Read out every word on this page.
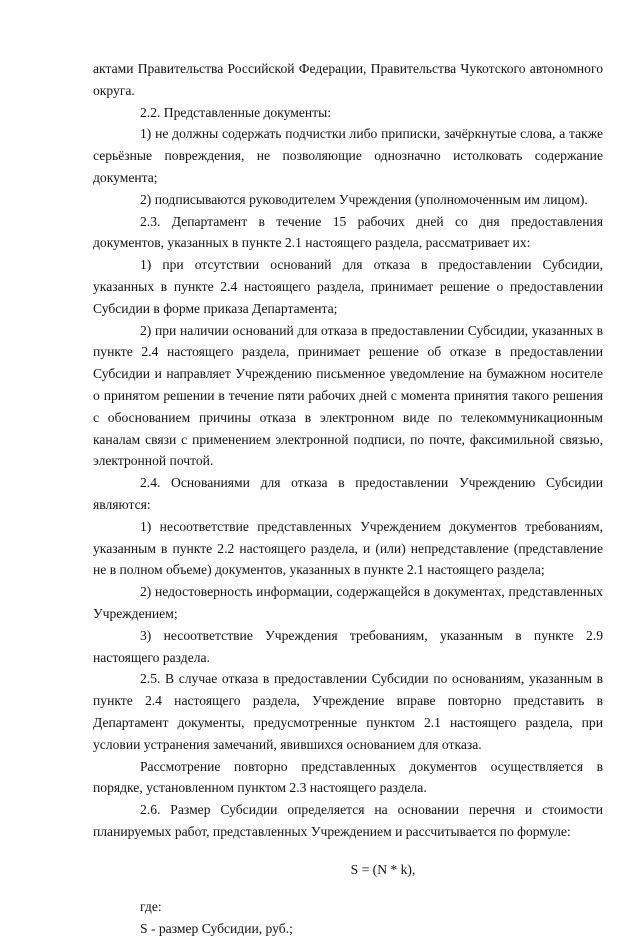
актами Правительства Российской Федерации, Правительства Чукотского автономного округа.

2.2. Представленные документы:

1) не должны содержать подчистки либо приписки, зачёркнутые слова, а также серьёзные повреждения, не позволяющие однозначно истолковать содержание документа;

2) подписываются руководителем Учреждения (уполномоченным им лицом).

2.3. Департамент в течение 15 рабочих дней со дня предоставления документов, указанных в пункте 2.1 настоящего раздела, рассматривает их:

1) при отсутствии оснований для отказа в предоставлении Субсидии, указанных в пункте 2.4 настоящего раздела, принимает решение о предоставлении Субсидии в форме приказа Департамента;

2) при наличии оснований для отказа в предоставлении Субсидии, указанных в пункте 2.4 настоящего раздела, принимает решение об отказе в предоставлении Субсидии и направляет Учреждению письменное уведомление на бумажном носителе о принятом решении в течение пяти рабочих дней с момента принятия такого решения с обоснованием причины отказа в электронном виде по телекоммуникационным каналам связи с применением электронной подписи, по почте, факсимильной связью, электронной почтой.

2.4. Основаниями для отказа в предоставлении Учреждению Субсидии являются:

1) несоответствие представленных Учреждением документов требованиям, указанным в пункте 2.2 настоящего раздела, и (или) непредставление (представление не в полном объеме) документов, указанных в пункте 2.1 настоящего раздела;

2) недостоверность информации, содержащейся в документах, представленных Учреждением;

3) несоответствие Учреждения требованиям, указанным в пункте 2.9 настоящего раздела.

2.5. В случае отказа в предоставлении Субсидии по основаниям, указанным в пункте 2.4 настоящего раздела, Учреждение вправе повторно представить в Департамент документы, предусмотренные пунктом 2.1 настоящего раздела, при условии устранения замечаний, явившихся основанием для отказа.

Рассмотрение повторно представленных документов осуществляется в порядке, установленном пунктом 2.3 настоящего раздела.

2.6. Размер Субсидии определяется на основании перечня и стоимости планируемых работ, представленных Учреждением и рассчитывается по формуле:

S = (N * k),

где:

S - размер Субсидии, руб.;
